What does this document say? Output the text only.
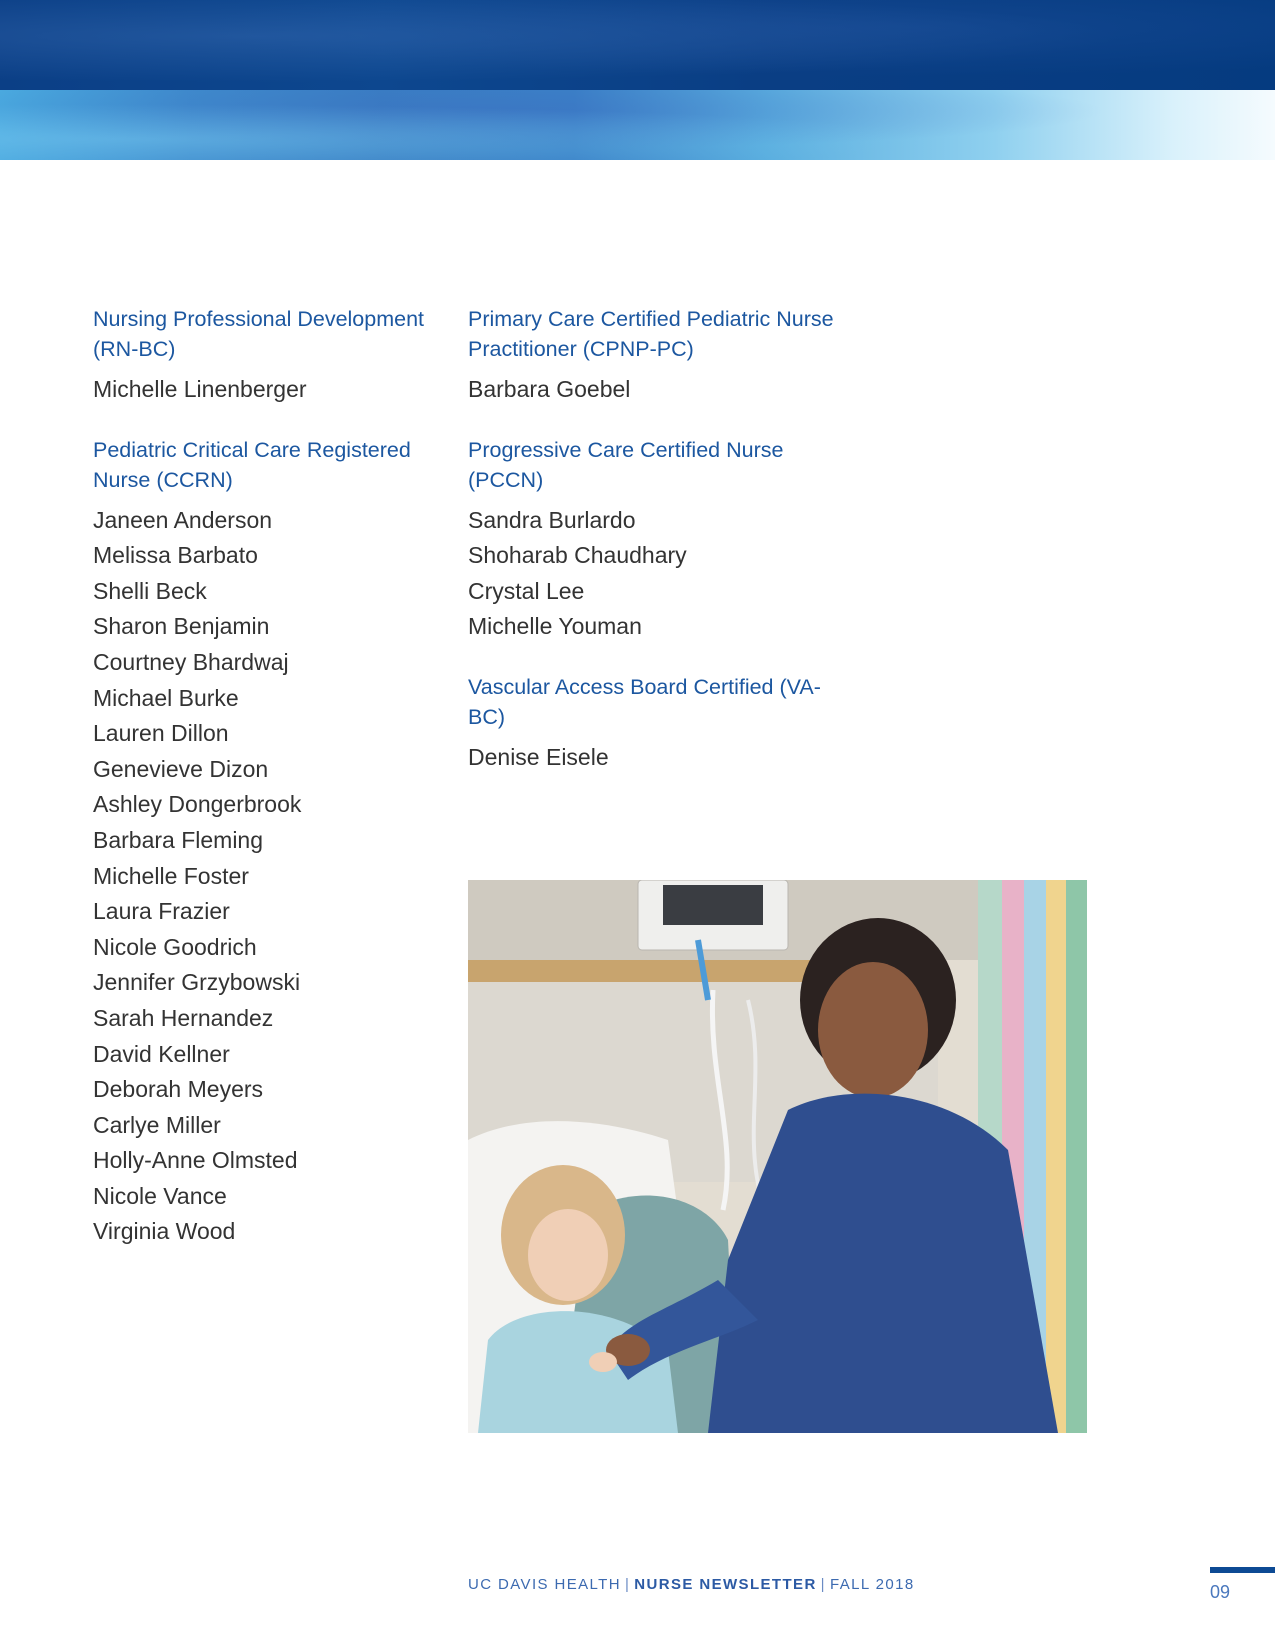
Nursing Professional Development (RN-BC)
Michelle Linenberger
Pediatric Critical Care Registered Nurse (CCRN)
Janeen Anderson
Melissa Barbato
Shelli Beck
Sharon Benjamin
Courtney Bhardwaj
Michael Burke
Lauren Dillon
Genevieve Dizon
Ashley Dongerbrook
Barbara Fleming
Michelle Foster
Laura Frazier
Nicole Goodrich
Jennifer Grzybowski
Sarah Hernandez
David Kellner
Deborah Meyers
Carlye Miller
Holly-Anne Olmsted
Nicole Vance
Virginia Wood
Primary Care Certified Pediatric Nurse Practitioner (CPNP-PC)
Barbara Goebel
Progressive Care Certified Nurse (PCCN)
Sandra Burlardo
Shoharab Chaudhary
Crystal Lee
Michelle Youman
Vascular Access Board Certified (VA-BC)
Denise Eisele
UC DAVIS HEALTH | NURSE NEWSLETTER | FALL 2018	09
